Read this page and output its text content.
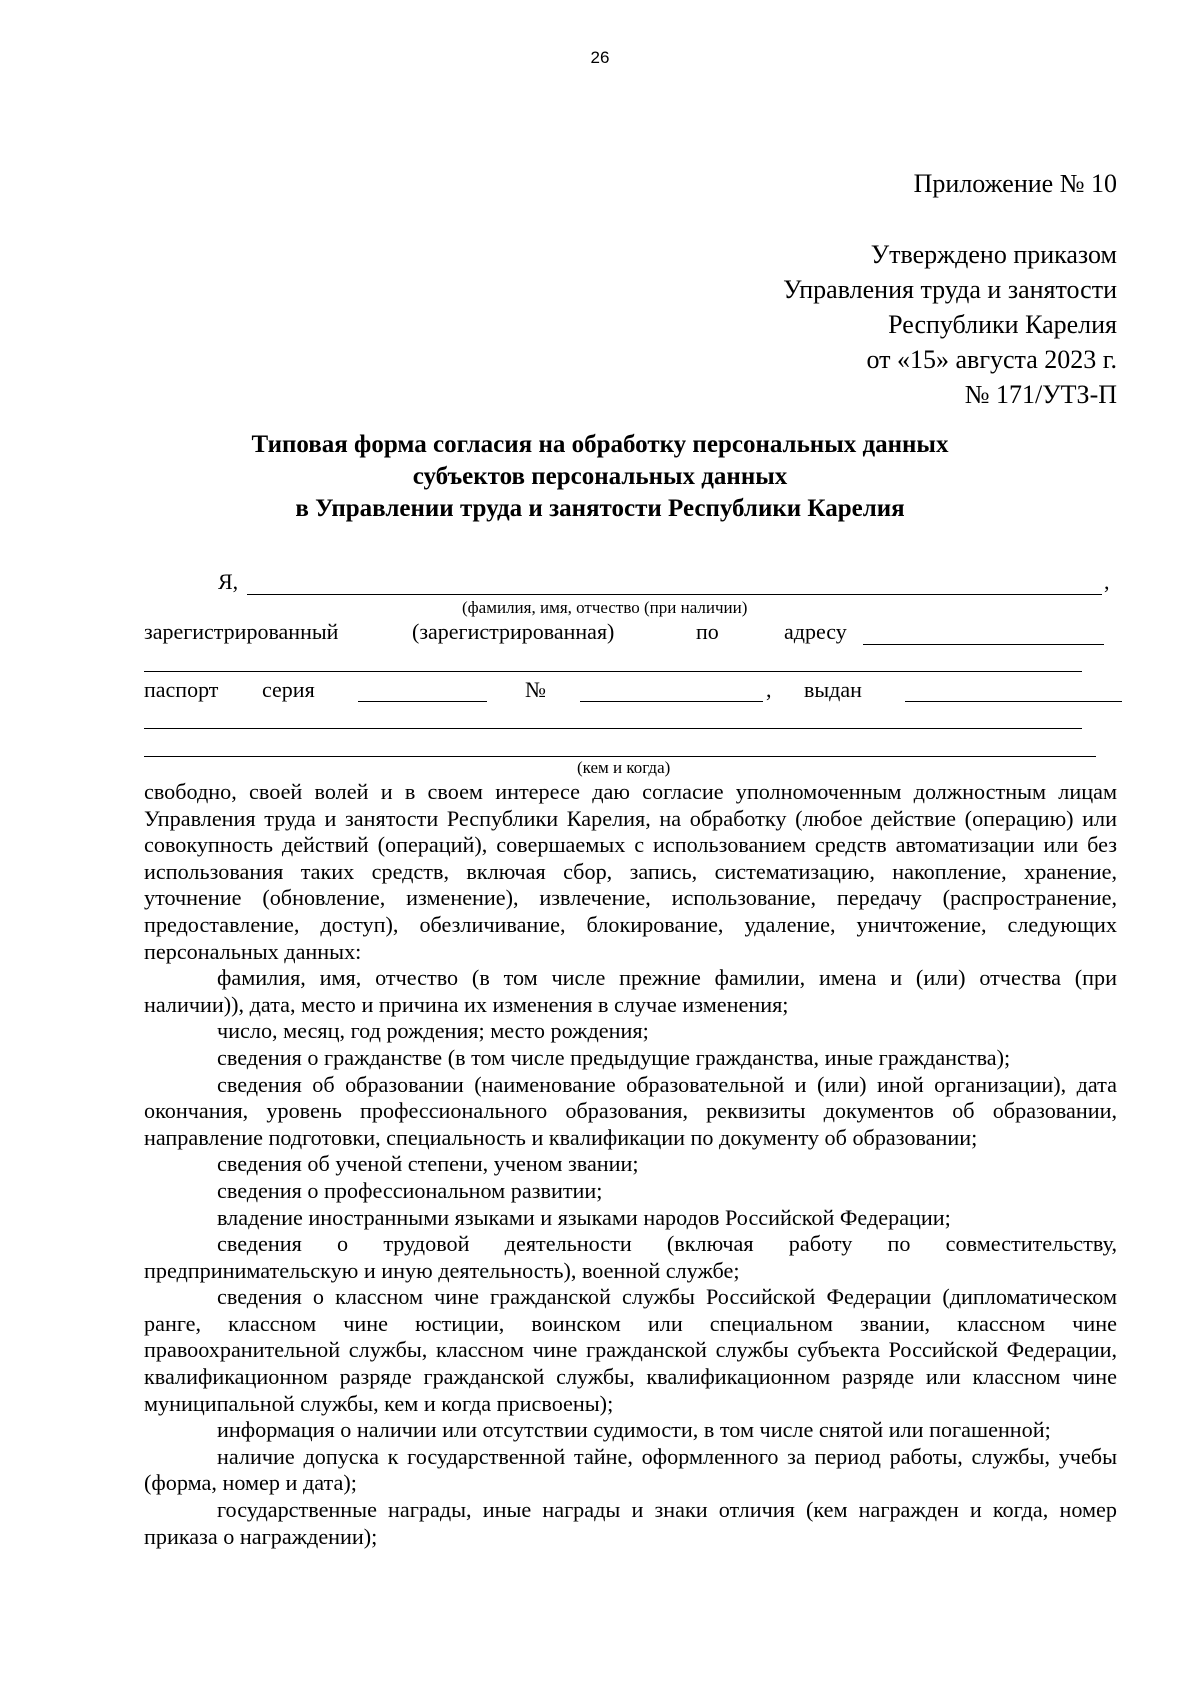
26
Приложение № 10
Утверждено приказом
Управления труда и занятости
Республики Карелия
от «15» августа 2023 г.
№ 171/УТЗ-П
Типовая форма согласия на обработку персональных данных
субъектов персональных данных
в Управлении труда и занятости Республики Карелия
Я,	,
(фамилия, имя, отчество (при наличии)
зарегистрированный	(зарегистрированная)	по	адресу
паспорт серия	№	, выдан
(кем и когда)

свободно, своей волей и в своем интересе даю согласие уполномоченным должностным лицам Управления труда и занятости Республики Карелия, на обработку (любое действие (операцию) или совокупность действий (операций), совершаемых с использованием средств автоматизации или без использования таких средств, включая сбор, запись, систематизацию, накопление, хранение, уточнение (обновление, изменение), извлечение, использование, передачу (распространение, предоставление, доступ), обезличивание, блокирование, удаление, уничтожение, следующих персональных данных:

фамилия, имя, отчество (в том числе прежние фамилии, имена и (или) отчества (при наличии)), дата, место и причина их изменения в случае изменения;

число, месяц, год рождения; место рождения;

сведения о гражданстве (в том числе предыдущие гражданства, иные гражданства);

сведения об образовании (наименование образовательной и (или) иной организации), дата окончания, уровень профессионального образования, реквизиты документов об образовании, направление подготовки, специальность и квалификации по документу об образовании;

сведения об ученой степени, ученом звании;

сведения о профессиональном развитии;

владение иностранными языками и языками народов Российской Федерации;

сведения о трудовой деятельности (включая работу по совместительству, предпринимательскую и иную деятельность), военной службе;

сведения о классном чине гражданской службы Российской Федерации (дипломатическом ранге, классном чине юстиции, воинском или специальном звании, классном чине правоохранительной службы, классном чине гражданской службы субъекта Российской Федерации, квалификационном разряде гражданской службы, квалификационном разряде или классном чине муниципальной службы, кем и когда присвоены);

информация о наличии или отсутствии судимости, в том числе снятой или погашенной;

наличие допуска к государственной тайне, оформленного за период работы, службы, учебы (форма, номер и дата);

государственные награды, иные награды и знаки отличия (кем награжден и когда, номер приказа о награждении);
